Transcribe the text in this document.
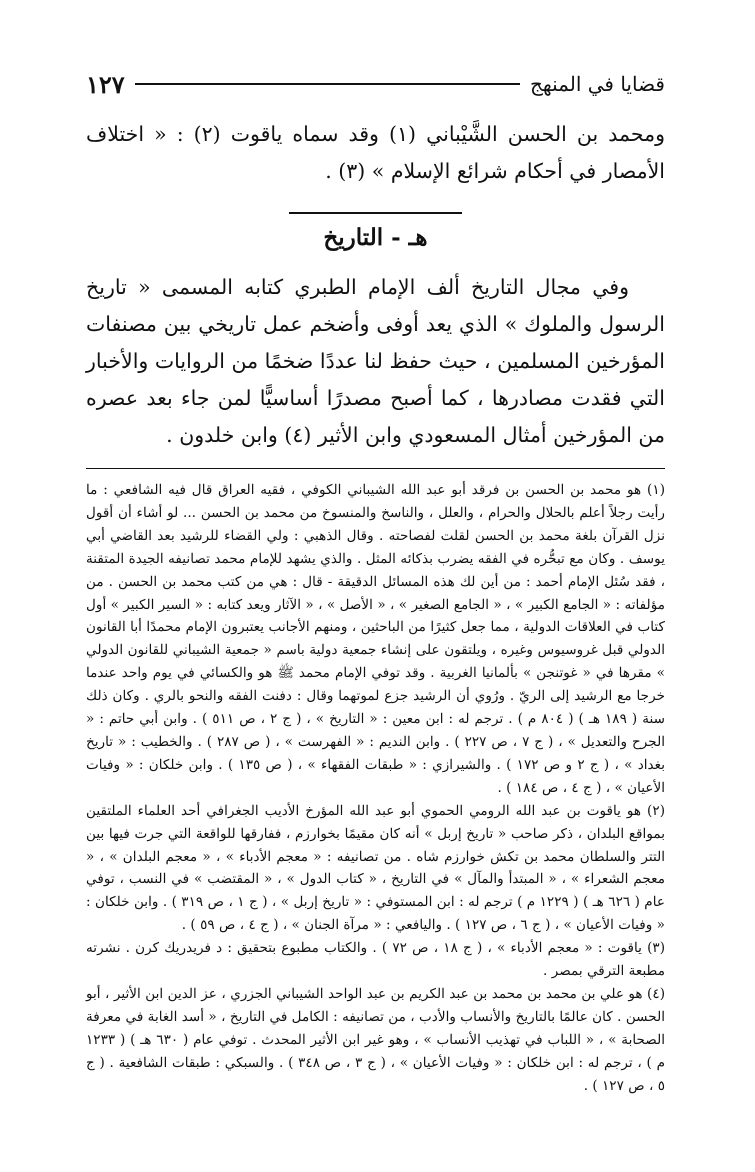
قضايا في المنهج
١٢٧

ومحمد بن الحسن الشَّيْباني (١) وقد سماه ياقوت (٢) : « اختلاف الأمصار في أحكام شرائع الإسلام » (٣) .

هـ - التاريخ

وفي مجال التاريخ ألف الإمام الطبري كتابه المسمى « تاريخ الرسول والملوك » الذي يعد أوفى وأضخم عمل تاريخي بين مصنفات المؤرخين المسلمين ، حيث حفظ لنا عددًا ضخمًا من الروايات والأخبار التي فقدت مصادرها ، كما أصبح مصدرًا أساسيًّا لمن جاء بعد عصره من المؤرخين أمثال المسعودي وابن الأثير (٤) وابن خلدون .

(١) هو محمد بن الحسن بن فرقد أبو عبد الله الشيباني الكوفي ، فقيه العراق قال فيه الشافعي : ما رأيت رجلاً أعلم بالحلال والحرام ، والعلل ، والناسخ والمنسوخ من محمد بن الحسن ... لو أشاء أن أقول نزل القرآن بلغة محمد بن الحسن لقلت لفصاحته . وقال الذهبي : ولي القضاء للرشيد بعد القاضي أبي يوسف . وكان مع تبحُّره في الفقه يضرب بذكائه المثل . والذي يشهد للإمام محمد تصانيفه الجيدة المتقنة ، فقد سُئل الإمام أحمد : من أين لك هذه المسائل الدقيقة - قال : هي من كتب محمد بن الحسن . من مؤلفاته : « الجامع الكبير » ، « الجامع الصغير » ، « الأصل » ، « الآثار ويعد كتابه : « السير الكبير » أول كتاب في العلاقات الدولية ، مما جعل كثيرًا من الباحثين ، ومنهم الأجانب يعتبرون الإمام محمدًا أبا القانون الدولي قبل غروسيوس وغيره ، ويلتقون على إنشاء جمعية دولية باسم « جمعية الشيباني للقانون الدولي » مقرها في « غوتنجن » بألمانيا الغربية . وقد توفي الإمام محمد ﷺ هو والكسائي في يوم واحد عندما خرجا مع الرشيد إلى الريّ . ورُوي أن الرشيد جزع لموتهما وقال : دفنت الفقه والنحو بالري . وكان ذلك سنة ( ١٨٩ هـ ) ( ٨٠٤ م ) . ترجم له : ابن معين : « التاريخ » ، ( ج ٢ ، ص ٥١١ ) . وابن أبي حاتم : « الجرح والتعديل » ، ( ج ٧ ، ص ٢٢٧ ) . وابن النديم : « الفهرست » ، ( ص ٢٨٧ ) . والخطيب : « تاريخ بغداد » ، ( ج ٢ و ص ١٧٢ ) . والشيرازي : « طبقات الفقهاء » ، ( ص ١٣٥ ) . وابن خلكان : « وفيات الأعيان » ، ( ج ٤ ، ص ١٨٤ ) .

(٢) هو ياقوت بن عبد الله الرومي الحموي أبو عبد الله المؤرخ الأديب الجغرافي أحد العلماء الملتقين بمواقع البلدان ، ذكر صاحب « تاريخ إربل » أنه كان مقيمًا بخوارزم ، ففارقها للواقعة التي جرت فيها بين التتر والسلطان محمد بن تكش خوارزم شاه . من تصانيفه : « معجم الأدباء » ، « معجم البلدان » ، « معجم الشعراء » ، « المبتدأ والمآل » في التاريخ ، « كتاب الدول » ، « المقتضب » في النسب ، توفي عام ( ٦٢٦ هـ ) ( ١٢٢٩ م ) ترجم له : ابن المستوفي : « تاريخ إربل » ، ( ج ١ ، ص ٣١٩ ) . وابن خلكان : « وفيات الأعيان » ، ( ج ٦ ، ص ١٢٧ ) . واليافعي : « مرآة الجنان » ، ( ج ٤ ، ص ٥٩ ) .

(٣) ياقوت : « معجم الأدباء » ، ( ج ١٨ ، ص ٧٢ ) . والكتاب مطبوع بتحقيق : د فريدريك كرن . نشرته مطبعة الترقي بمصر .

(٤) هو علي بن محمد بن محمد بن عبد الكريم بن عبد الواحد الشيباني الجزري ، عز الدين ابن الأثير ، أبو الحسن . كان عالمًا بالتاريخ والأنساب والأدب ، من تصانيفه : الكامل في التاريخ ، « أسد الغابة في معرفة الصحابة » ، « اللباب في تهذيب الأنساب » ، وهو غير ابن الأثير المحدث . توفي عام ( ٦٣٠ هـ ) ( ١٢٣٣ م ) ، ترجم له : ابن خلكان : « وفيات الأعيان » ، ( ج ٣ ، ص ٣٤٨ ) . والسبكي : طبقات الشافعية . ( ج ٥ ، ص ١٢٧ ) .
